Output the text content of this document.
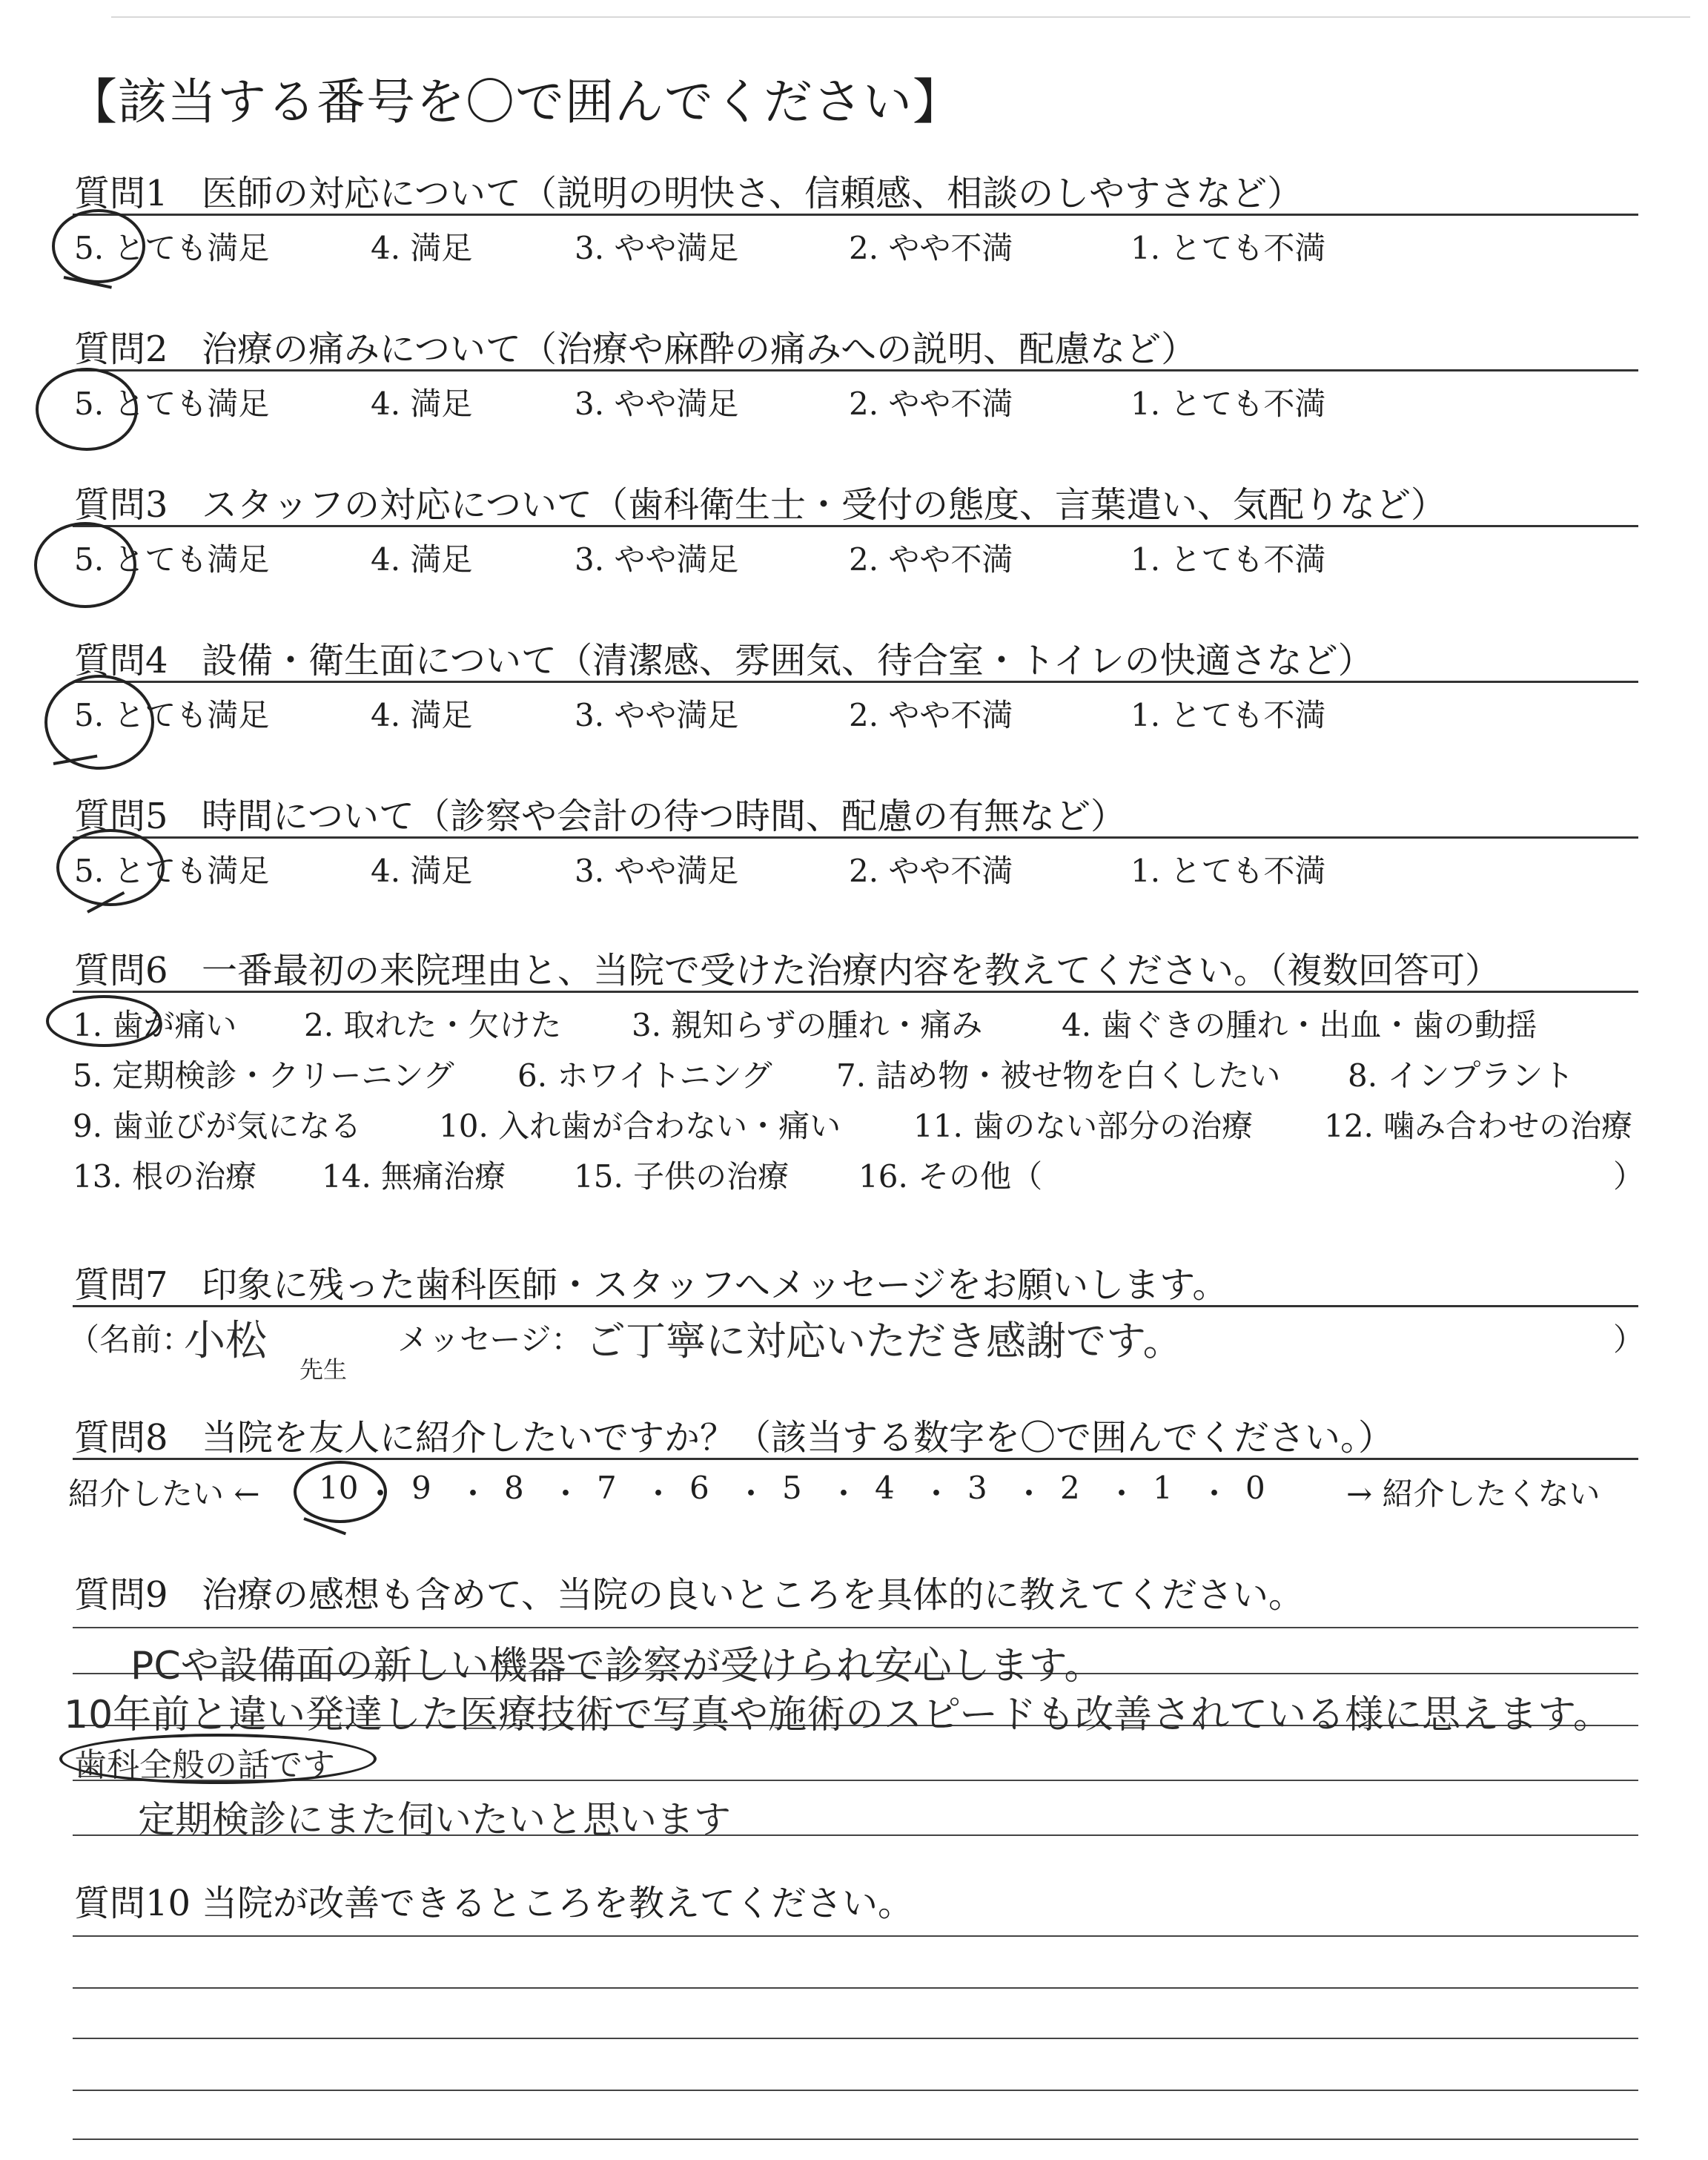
【該当する番号を〇で囲んでください】
質問1 医師の対応について（説明の明快さ、信頼感、相談のしやすさなど）
5. とても満足	4. 満足	3. やや満足	2. やや不満	1. とても不満
質問2 治療の痛みについて（治療や麻酔の痛みへの説明、配慮など）
5. とても満足	4. 満足	3. やや満足	2. やや不満	1. とても不満
質問3 スタッフの対応について（歯科衛生士・受付の態度、言葉遣い、気配りなど）
5. とても満足	4. 満足	3. やや満足	2. やや不満	1. とても不満
質問4 設備・衛生面について（清潔感、雰囲気、待合室・トイレの快適さなど）
5. とても満足	4. 満足	3. やや満足	2. やや不満	1. とても不満
質問5 時間について（診察や会計の待つ時間、配慮の有無など）
5. とても満足	4. 満足	3. やや満足	2. やや不満	1. とても不満
質問6 一番最初の来院理由と、当院で受けた治療内容を教えてください。（複数回答可）
1. 歯が痛い 2. 取れた・欠けた 3. 親知らずの腫れ・痛み	4. 歯ぐきの腫れ・出血・歯の動揺
5. 定期検診・クリーニング 6. ホワイトニング 7. 詰め物・被せ物を白くしたい 8. インプラント
9. 歯並びが気になる 10. 入れ歯が合わない・痛い 11. 歯のない部分の治療 12. 噛み合わせの治療
13. 根の治療 14. 無痛治療 15. 子供の治療 16. その他（	）
質問7 印象に残った歯科医師・スタッフへメッセージをお願いします。
（名前：
小松
先生
メッセージ： ご丁寧に対応いただき感謝です。	）
質問8 当院を友人に紹介したいですか？（該当する数字を〇で囲んでください。）
紹介したい ← 10 ・ 9 ・ 8 ・ 7 ・ 6 ・ 5 ・ 4 ・ 3 ・ 2 ・ 1 ・ 0	→ 紹介したくない
質問9 治療の感想も含めて、当院の良いところを具体的に教えてください。
PCや設備面の新しい機器で診察が受けられ安心します。
10年前と違い発達した医療技術で写真や施術のスピードも改善されている様に思えます。
歯科全般の話です
定期検診にまた伺いたいと思います
質問10 当院が改善できるところを教えてください。
